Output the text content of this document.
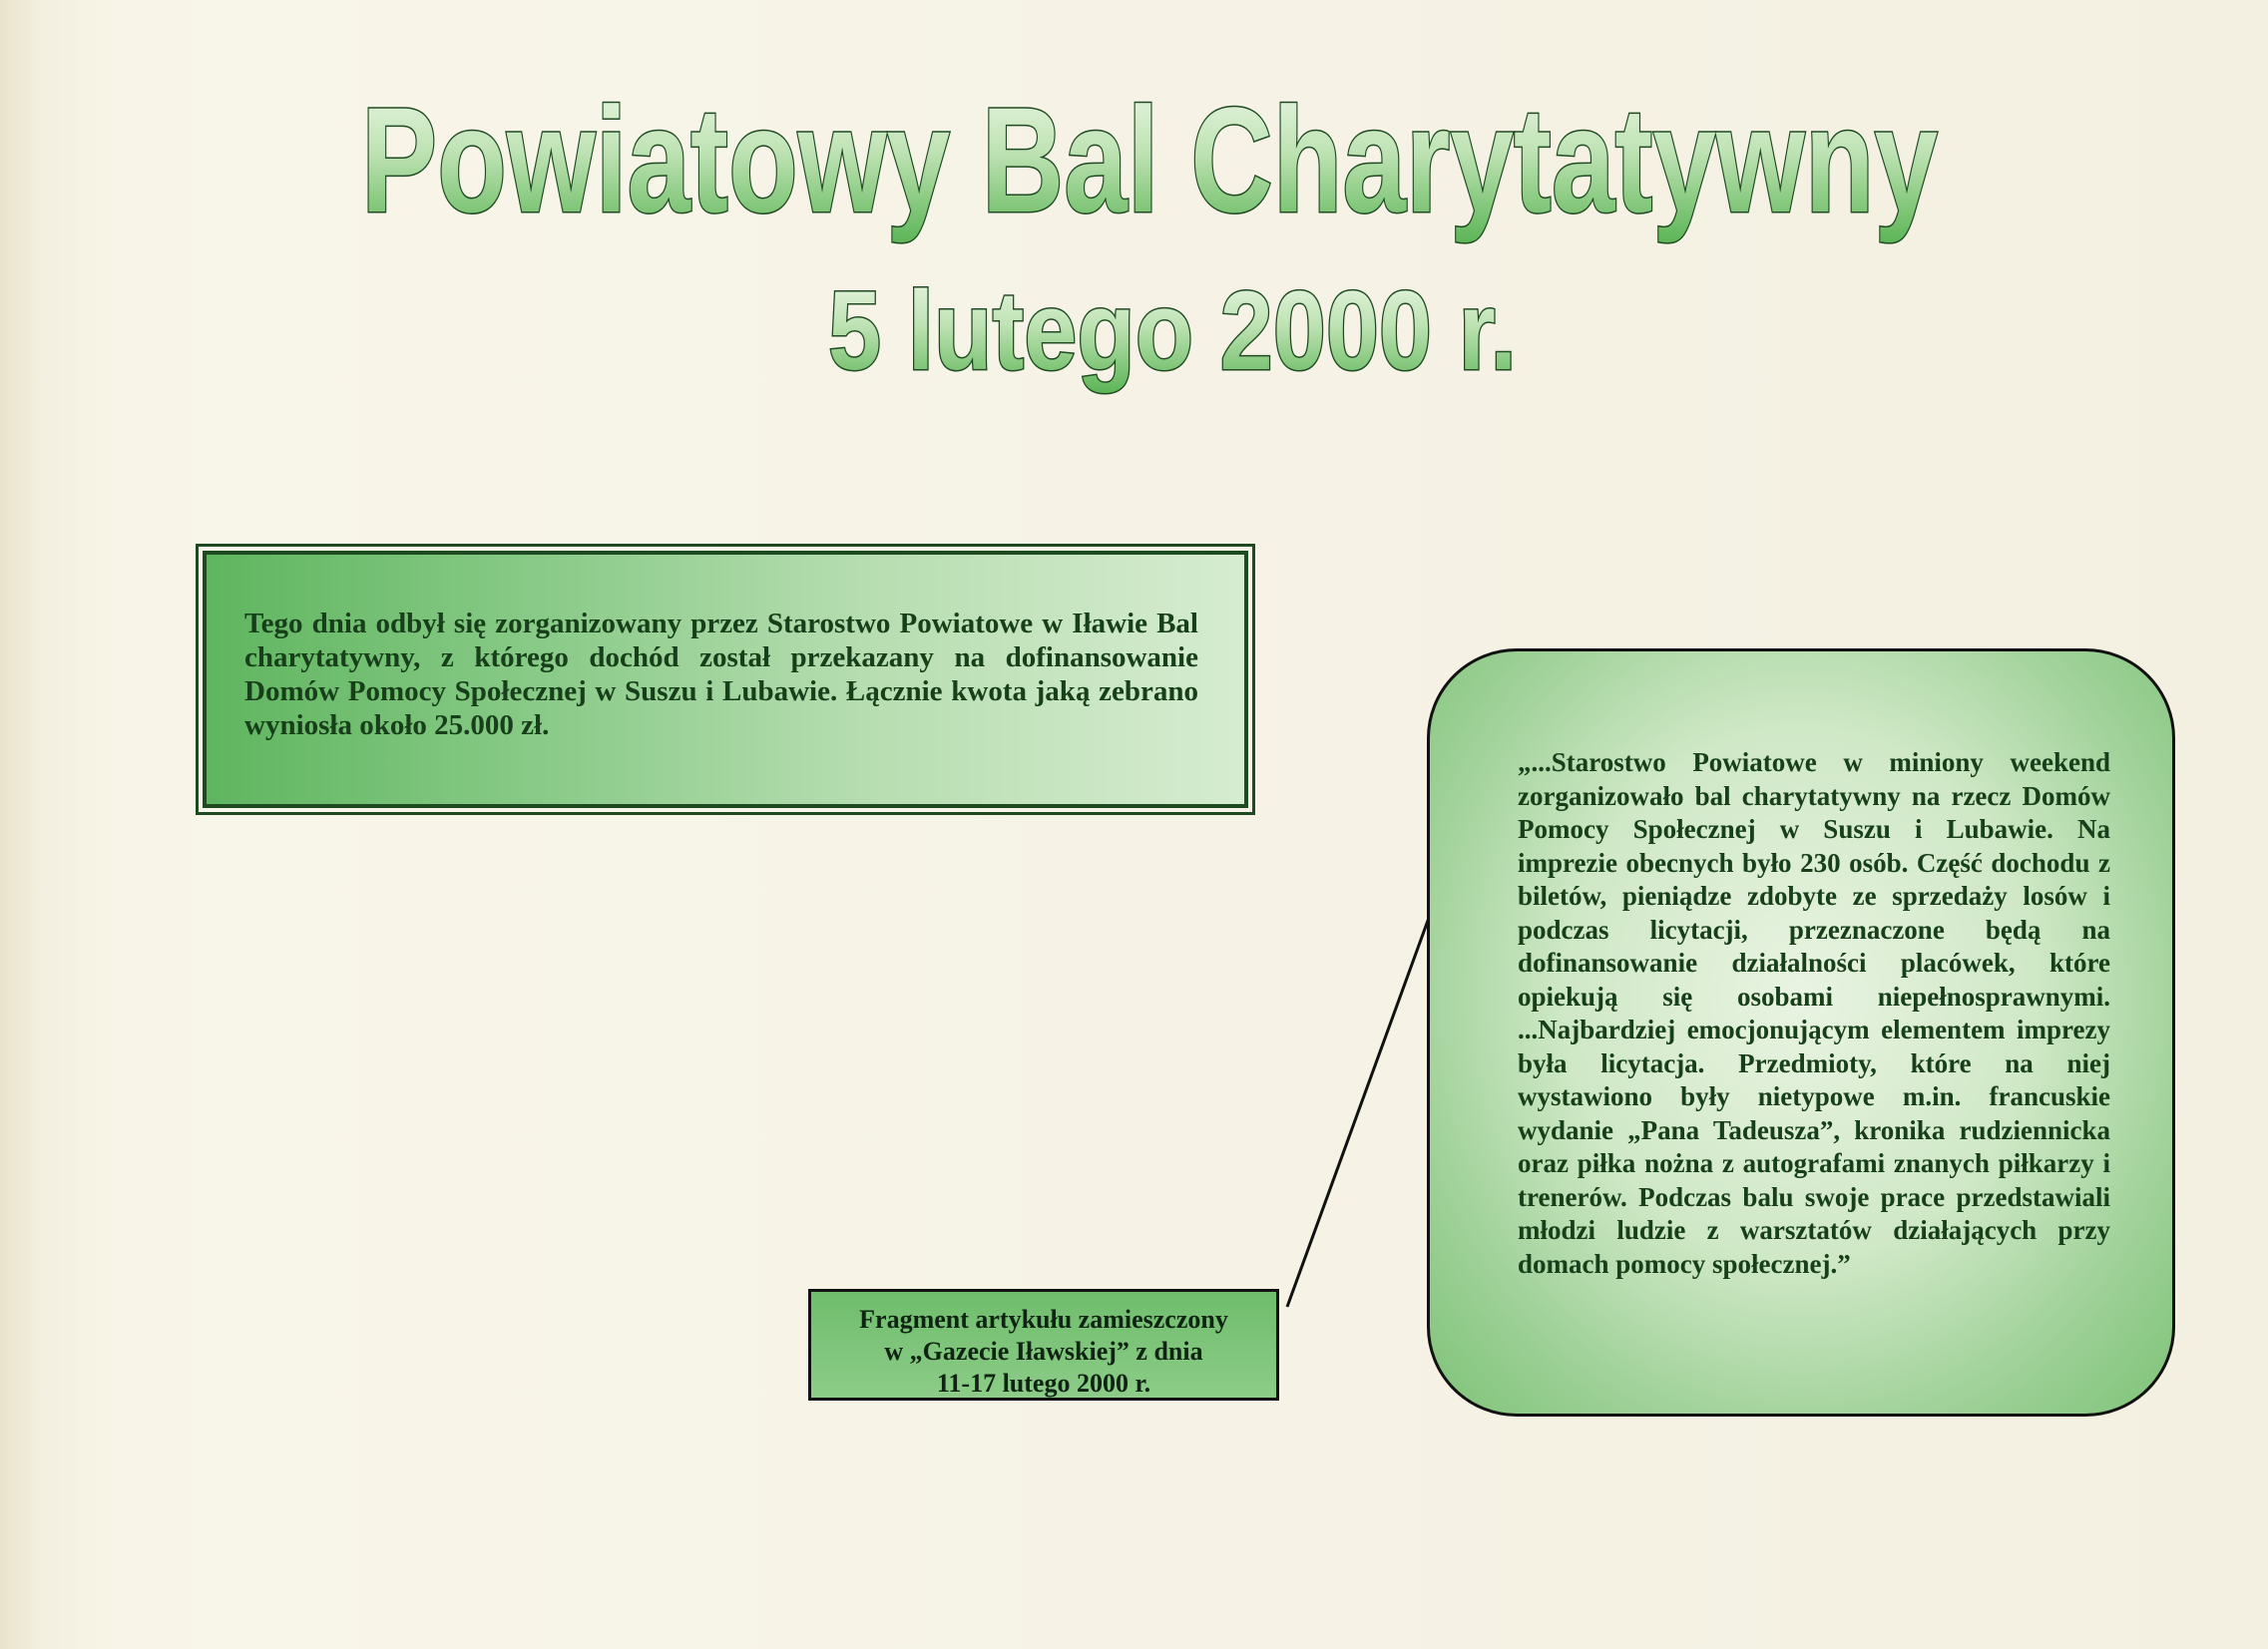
Powiatowy Bal Charytatywny
5 lutego 2000 r.

Tego dnia odbył się zorganizowany przez Starostwo Powiatowe w Iławie Bal charytatywny, z którego dochód został przekazany na dofinansowanie Domów Pomocy Społecznej w Suszu i Lubawie. Łącznie kwota jaką zebrano wyniosła około 25.000 zł.

„...Starostwo Powiatowe w miniony weekend zorganizowało bal charytatywny na rzecz Domów Pomocy Społecznej w Suszu i Lubawie. Na imprezie obecnych było 230 osób. Część dochodu z biletów, pieniądze zdobyte ze sprzedaży losów i podczas licytacji, przeznaczone będą na dofinansowanie działalności placówek, które opiekują się osobami niepełnosprawnymi. ...Najbardziej emocjonującym elementem imprezy była licytacja. Przedmioty, które na niej wystawiono były nietypowe m.in. francuskie wydanie „Pana Tadeusza”, kronika rudziennicka oraz piłka nożna z autografami znanych piłkarzy i trenerów. Podczas balu swoje prace przedstawiali młodzi ludzie z warsztatów działających przy domach pomocy społecznej.”

Fragment artykułu zamieszczony
w „Gazecie Iławskiej” z dnia
11-17 lutego 2000 r.
